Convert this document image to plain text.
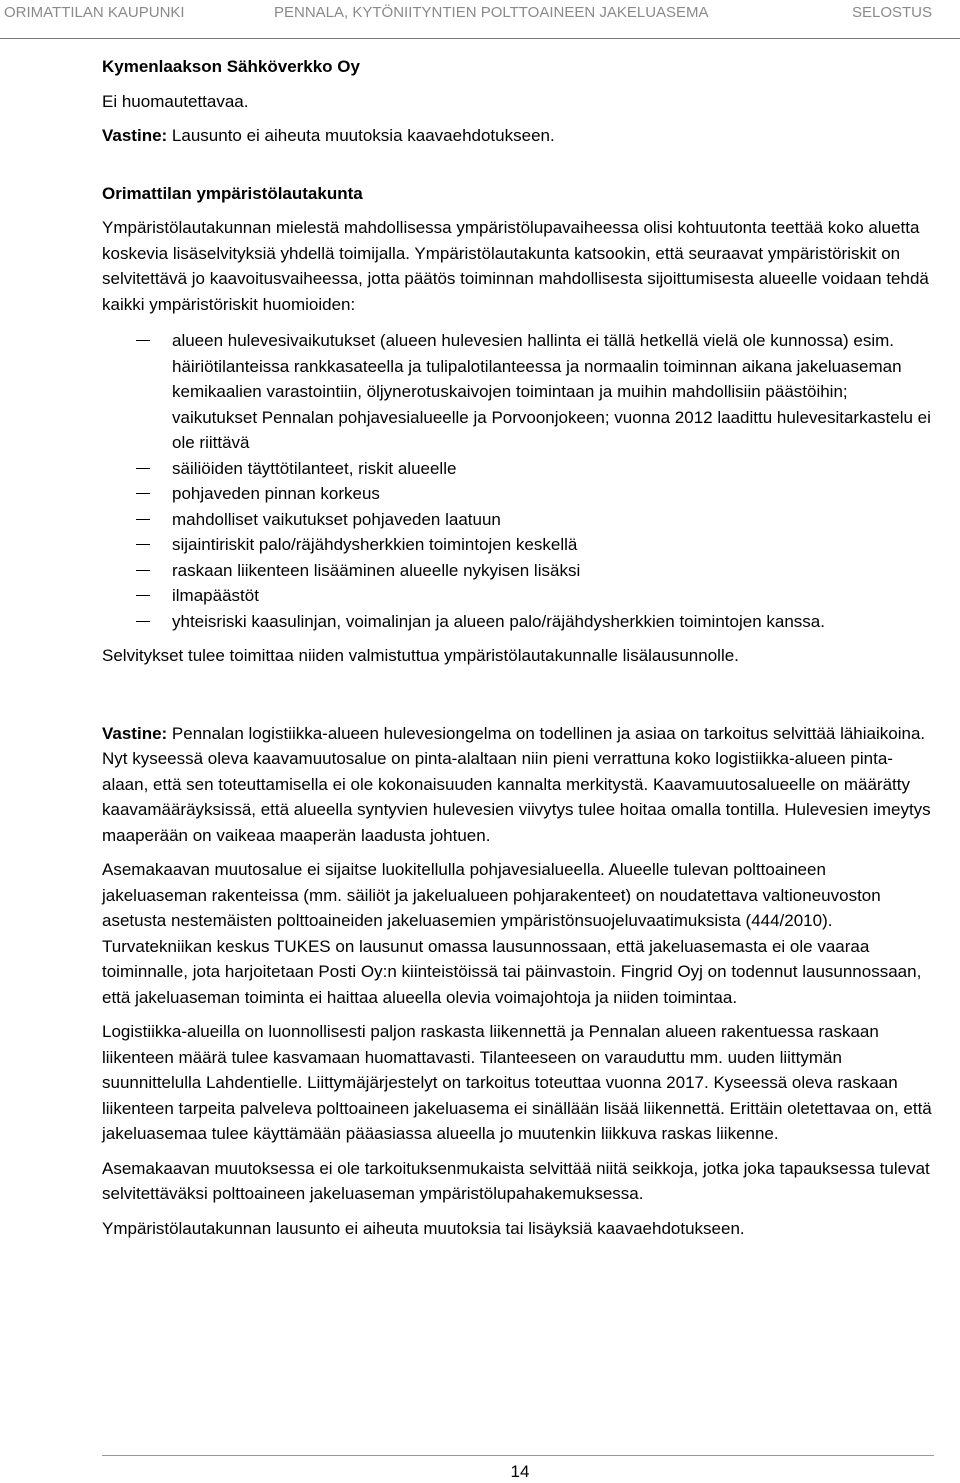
ORIMATTILAN KAUPUNKI	PENNALA, KYTÖNIITYNTIEN POLTTOAINEEN JAKELUASEMA	SELOSTUS

Kymenlaakson Sähköverkko Oy

Ei huomautettavaa.

Vastine: Lausunto ei aiheuta muutoksia kaavaehdotukseen.

Orimattilan ympäristölautakunta

Ympäristölautakunnan mielestä mahdollisessa ympäristölupavaiheessa olisi kohtuutonta teettää koko aluetta koskevia lisäselvityksiä yhdellä toimijalla. Ympäristölautakunta katsookin, että seuraavat ympäristöriskit on selvitettävä jo kaavoitusvaiheessa, jotta päätös toiminnan mahdollisesta sijoittumisesta alueelle voidaan tehdä kaikki ympäristöriskit huomioiden:

alueen hulevesivaikutukset (alueen hulevesien hallinta ei tällä hetkellä vielä ole kunnossa) esim. häiriötilanteissa rankkasateella ja tulipalotilanteessa ja normaalin toiminnan aikana jakeluaseman kemikaalien varastointiin, öljynerotuskaivojen toimintaan ja muihin mahdollisiin päästöihin; vaikutukset Pennalan pohjavesialueelle ja Porvoonjokeen; vuonna 2012 laadittu hulevesitarkastelu ei ole riittävä
säiliöiden täyttötilanteet, riskit alueelle
pohjaveden pinnan korkeus
mahdolliset vaikutukset pohjaveden laatuun
sijaintiriskit palo/räjähdysherkkien toimintojen keskellä
raskaan liikenteen lisääminen alueelle nykyisen lisäksi
ilmapäästöt
yhteisriski kaasulinjan, voimalinjan ja alueen palo/räjähdysherkkien toimintojen kanssa.

Selvitykset tulee toimittaa niiden valmistuttua ympäristölautakunnalle lisälausunnolle.

Vastine: Pennalan logistiikka-alueen hulevesiongelma on todellinen ja asiaa on tarkoitus selvittää lähiaikoina. Nyt kyseessä oleva kaavamuutosalue on pinta-alaltaan niin pieni verrattuna koko logistiikka-alueen pinta-alaan, että sen toteuttamisella ei ole kokonaisuuden kannalta merkitystä. Kaavamuutosalueelle on määrätty kaavamääräyksissä, että alueella syntyvien hulevesien viivytys tulee hoitaa omalla tontilla. Hulevesien imeytys maaperään on vaikeaa maaperän laadusta johtuen.

Asemakaavan muutosalue ei sijaitse luokitellulla pohjavesialueella. Alueelle tulevan polttoaineen jakeluaseman rakenteissa (mm. säiliöt ja jakelualueen pohjarakenteet) on noudatettava valtioneuvoston asetusta nestemäisten polttoaineiden jakeluasemien ympäristönsuojeluvaatimuksista (444/2010). Turvatekniikan keskus TUKES on lausunut omassa lausunnossaan, että jakeluasemasta ei ole vaaraa toiminnalle, jota harjoitetaan Posti Oy:n kiinteistöissä tai päinvastoin. Fingrid Oyj on todennut lausunnossaan, että jakeluaseman toiminta ei haittaa alueella olevia voimajohtoja ja niiden toimintaa.

Logistiikka-alueilla on luonnollisesti paljon raskasta liikennettä ja Pennalan alueen rakentuessa raskaan liikenteen määrä tulee kasvamaan huomattavasti. Tilanteeseen on varauduttu mm. uuden liittymän suunnittelulla Lahdentielle. Liittymäjärjestelyt on tarkoitus toteuttaa vuonna 2017. Kyseessä oleva raskaan liikenteen tarpeita palveleva polttoaineen jakeluasema ei sinällään lisää liikennettä. Erittäin oletettavaa on, että jakeluasemaa tulee käyttämään pääasiassa alueella jo muutenkin liikkuva raskas liikenne.

Asemakaavan muutoksessa ei ole tarkoituksenmukaista selvittää niitä seikkoja, jotka joka tapauksessa tulevat selvitettäväksi polttoaineen jakeluaseman ympäristölupahakemuksessa.

Ympäristölautakunnan lausunto ei aiheuta muutoksia tai lisäyksiä kaavaehdotukseen.

14
